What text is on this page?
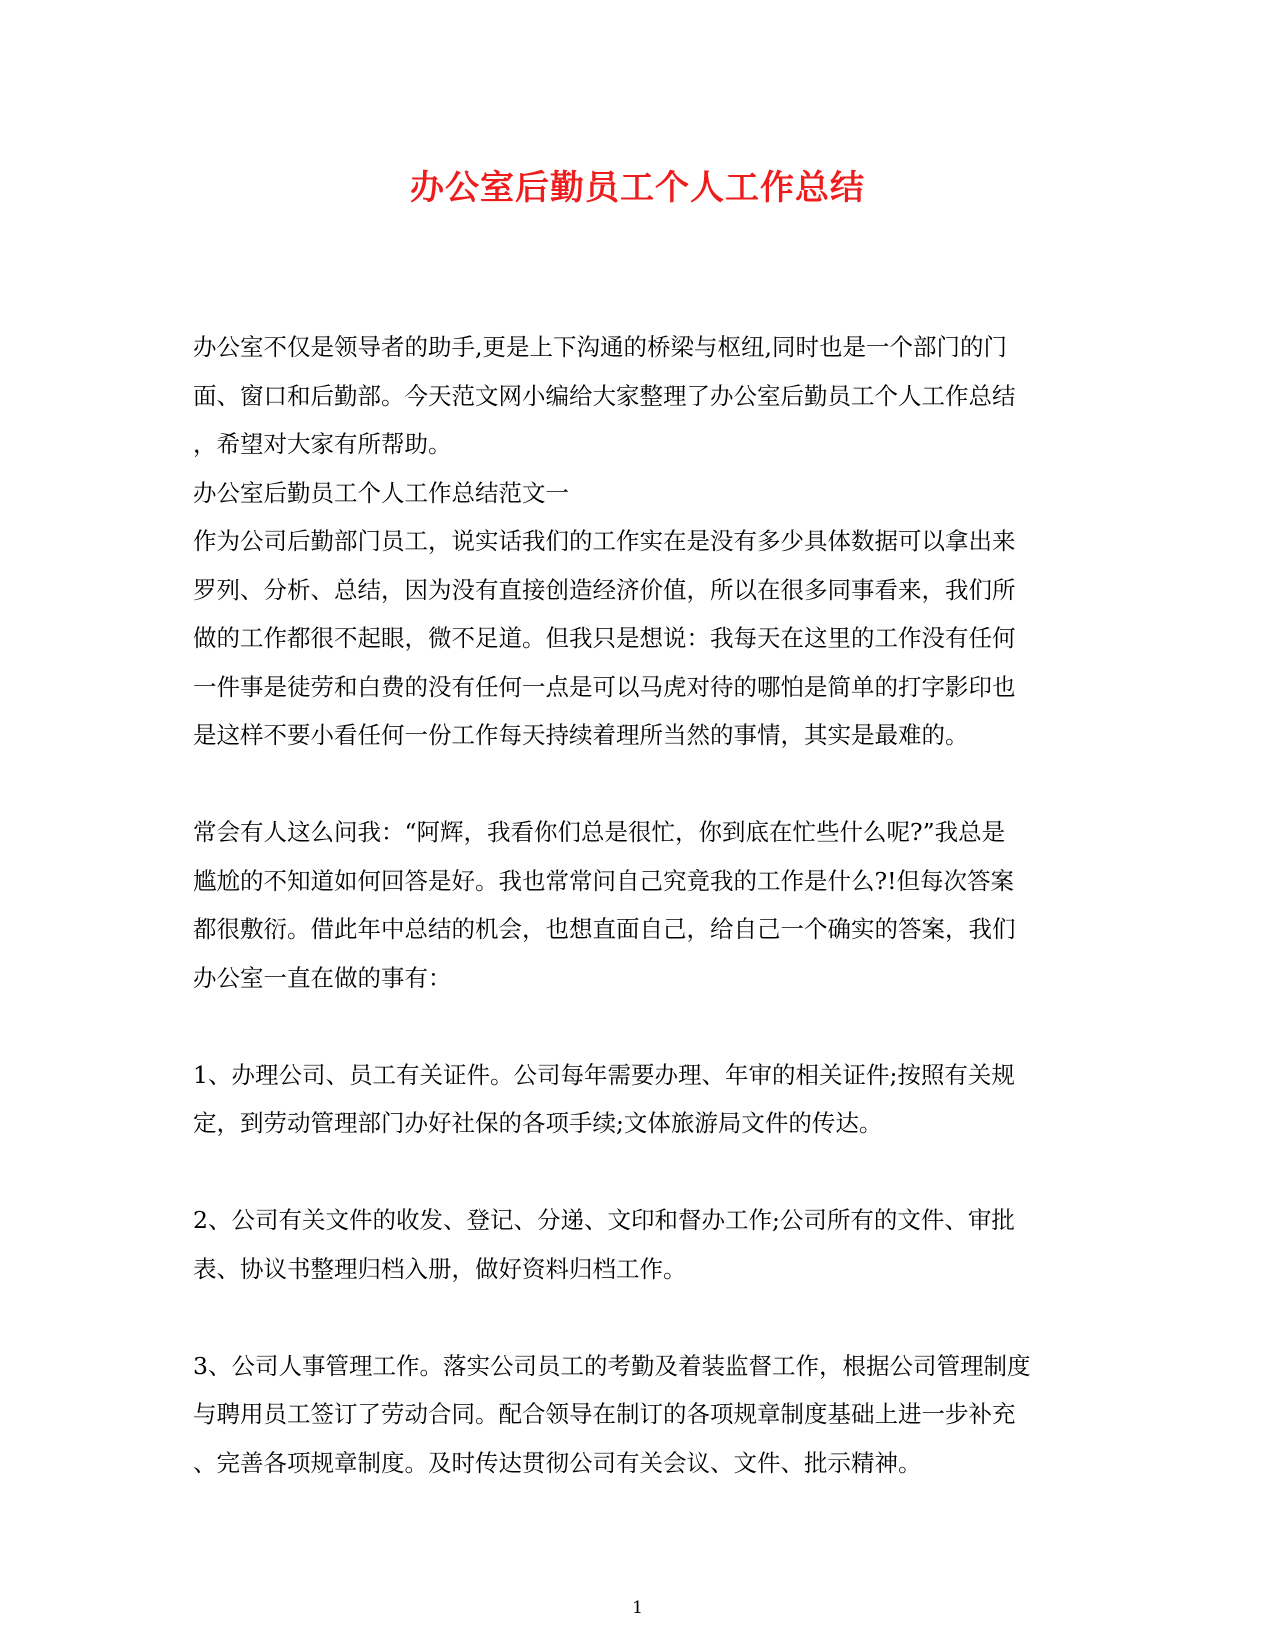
办公室后勤员工个人工作总结
办公室不仅是领导者的助手,更是上下沟通的桥梁与枢纽,同时也是一个部门的门
面、窗口和后勤部。今天范文网小编给大家整理了办公室后勤员工个人工作总结
，希望对大家有所帮助。
办公室后勤员工个人工作总结范文一
作为公司后勤部门员工，说实话我们的工作实在是没有多少具体数据可以拿出来
罗列、分析、总结，因为没有直接创造经济价值，所以在很多同事看来，我们所
做的工作都很不起眼，微不足道。但我只是想说：我每天在这里的工作没有任何
一件事是徒劳和白费的没有任何一点是可以马虎对待的哪怕是简单的打字影印也
是这样不要小看任何一份工作每天持续着理所当然的事情，其实是最难的。
常会有人这么问我：“阿辉，我看你们总是很忙，你到底在忙些什么呢?”我总是
尴尬的不知道如何回答是好。我也常常问自己究竟我的工作是什么?!但每次答案
都很敷衍。借此年中总结的机会，也想直面自己，给自己一个确实的答案，我们
办公室一直在做的事有：
1、办理公司、员工有关证件。公司每年需要办理、年审的相关证件;按照有关规
定，到劳动管理部门办好社保的各项手续;文体旅游局文件的传达。
2、公司有关文件的收发、登记、分递、文印和督办工作;公司所有的文件、审批
表、协议书整理归档入册，做好资料归档工作。
3、公司人事管理工作。落实公司员工的考勤及着装监督工作，根据公司管理制度
与聘用员工签订了劳动合同。配合领导在制订的各项规章制度基础上进一步补充
、完善各项规章制度。及时传达贯彻公司有关会议、文件、批示精神。
1
